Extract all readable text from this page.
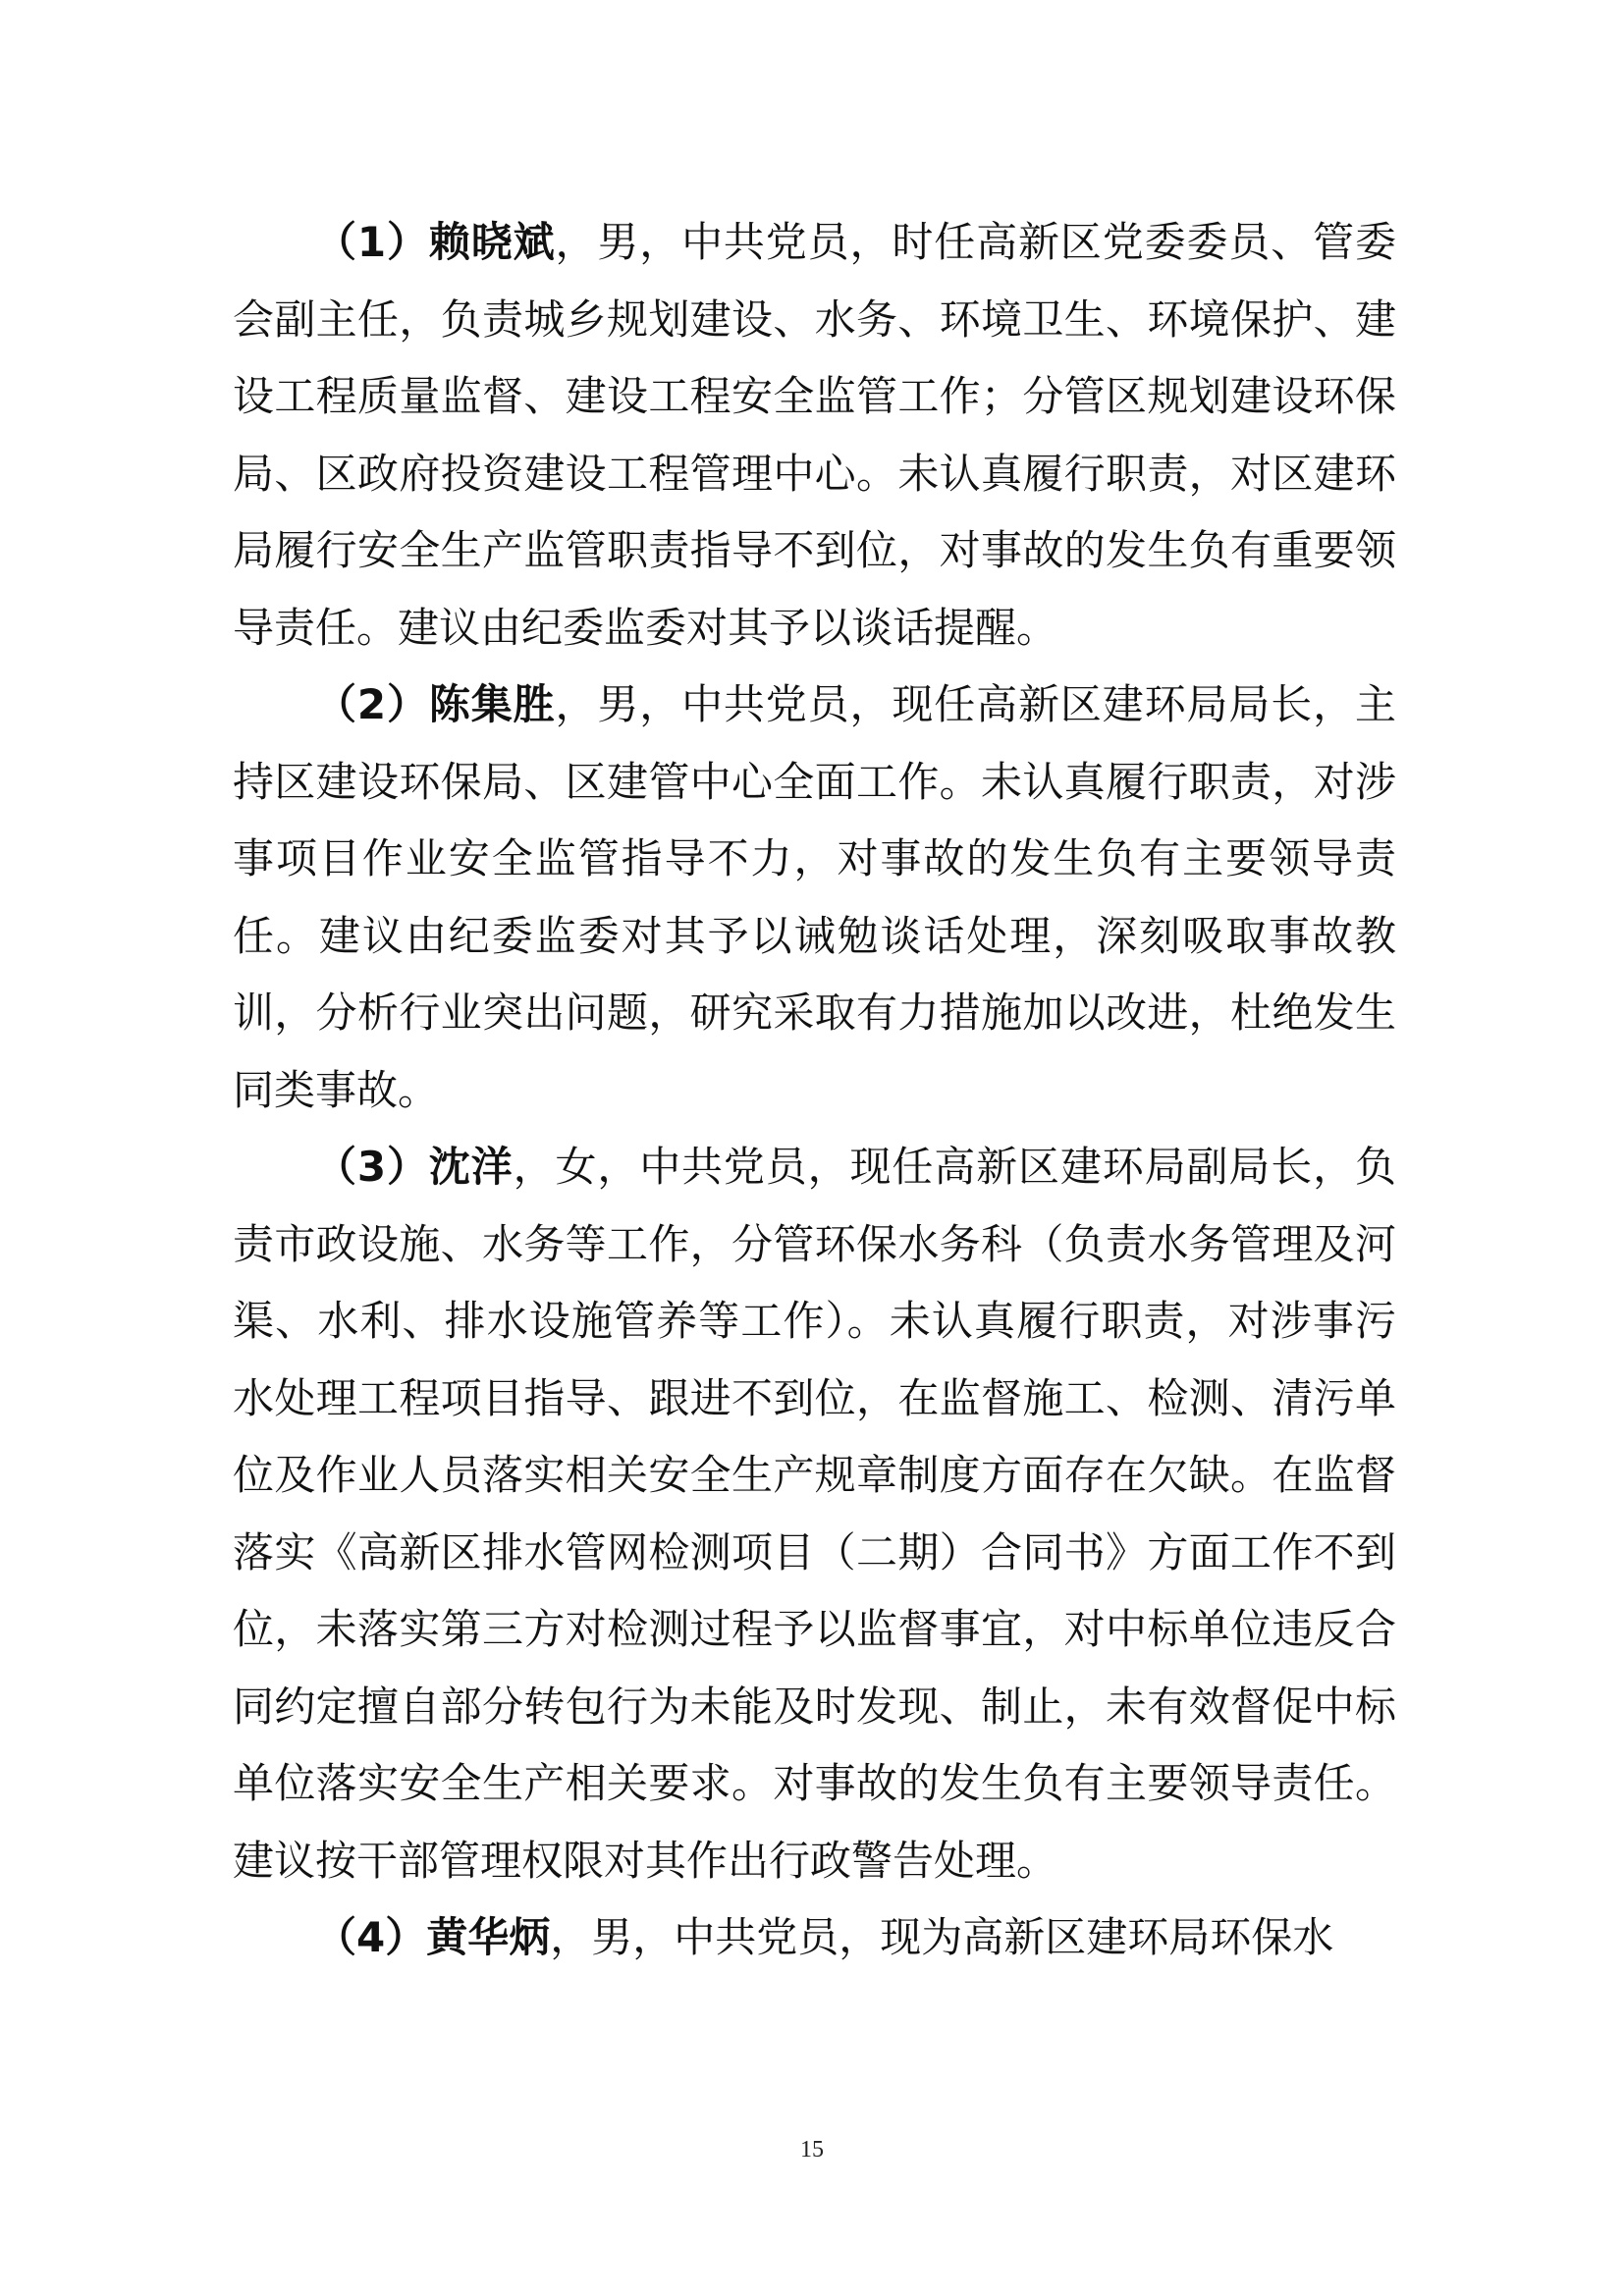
（1）赖晓斌，男，中共党员，时任高新区党委委员、管委会副主任，负责城乡规划建设、水务、环境卫生、环境保护、建设工程质量监督、建设工程安全监管工作；分管区规划建设环保局、区政府投资建设工程管理中心。未认真履行职责，对区建环局履行安全生产监管职责指导不到位，对事故的发生负有重要领导责任。建议由纪委监委对其予以谈话提醒。

（2）陈集胜，男，中共党员，现任高新区建环局局长，主持区建设环保局、区建管中心全面工作。未认真履行职责，对涉事项目作业安全监管指导不力，对事故的发生负有主要领导责任。建议由纪委监委对其予以诫勉谈话处理，深刻吸取事故教训，分析行业突出问题，研究采取有力措施加以改进，杜绝发生同类事故。

（3）沈洋，女，中共党员，现任高新区建环局副局长，负责市政设施、水务等工作，分管环保水务科（负责水务管理及河渠、水利、排水设施管养等工作）。未认真履行职责，对涉事污水处理工程项目指导、跟进不到位，在监督施工、检测、清污单位及作业人员落实相关安全生产规章制度方面存在欠缺。在监督落实《高新区排水管网检测项目（二期）合同书》方面工作不到位，未落实第三方对检测过程予以监督事宜，对中标单位违反合同约定擅自部分转包行为未能及时发现、制止，未有效督促中标单位落实安全生产相关要求。对事故的发生负有主要领导责任。建议按干部管理权限对其作出行政警告处理。

（4）黄华炳，男，中共党员，现为高新区建环局环保水

15
